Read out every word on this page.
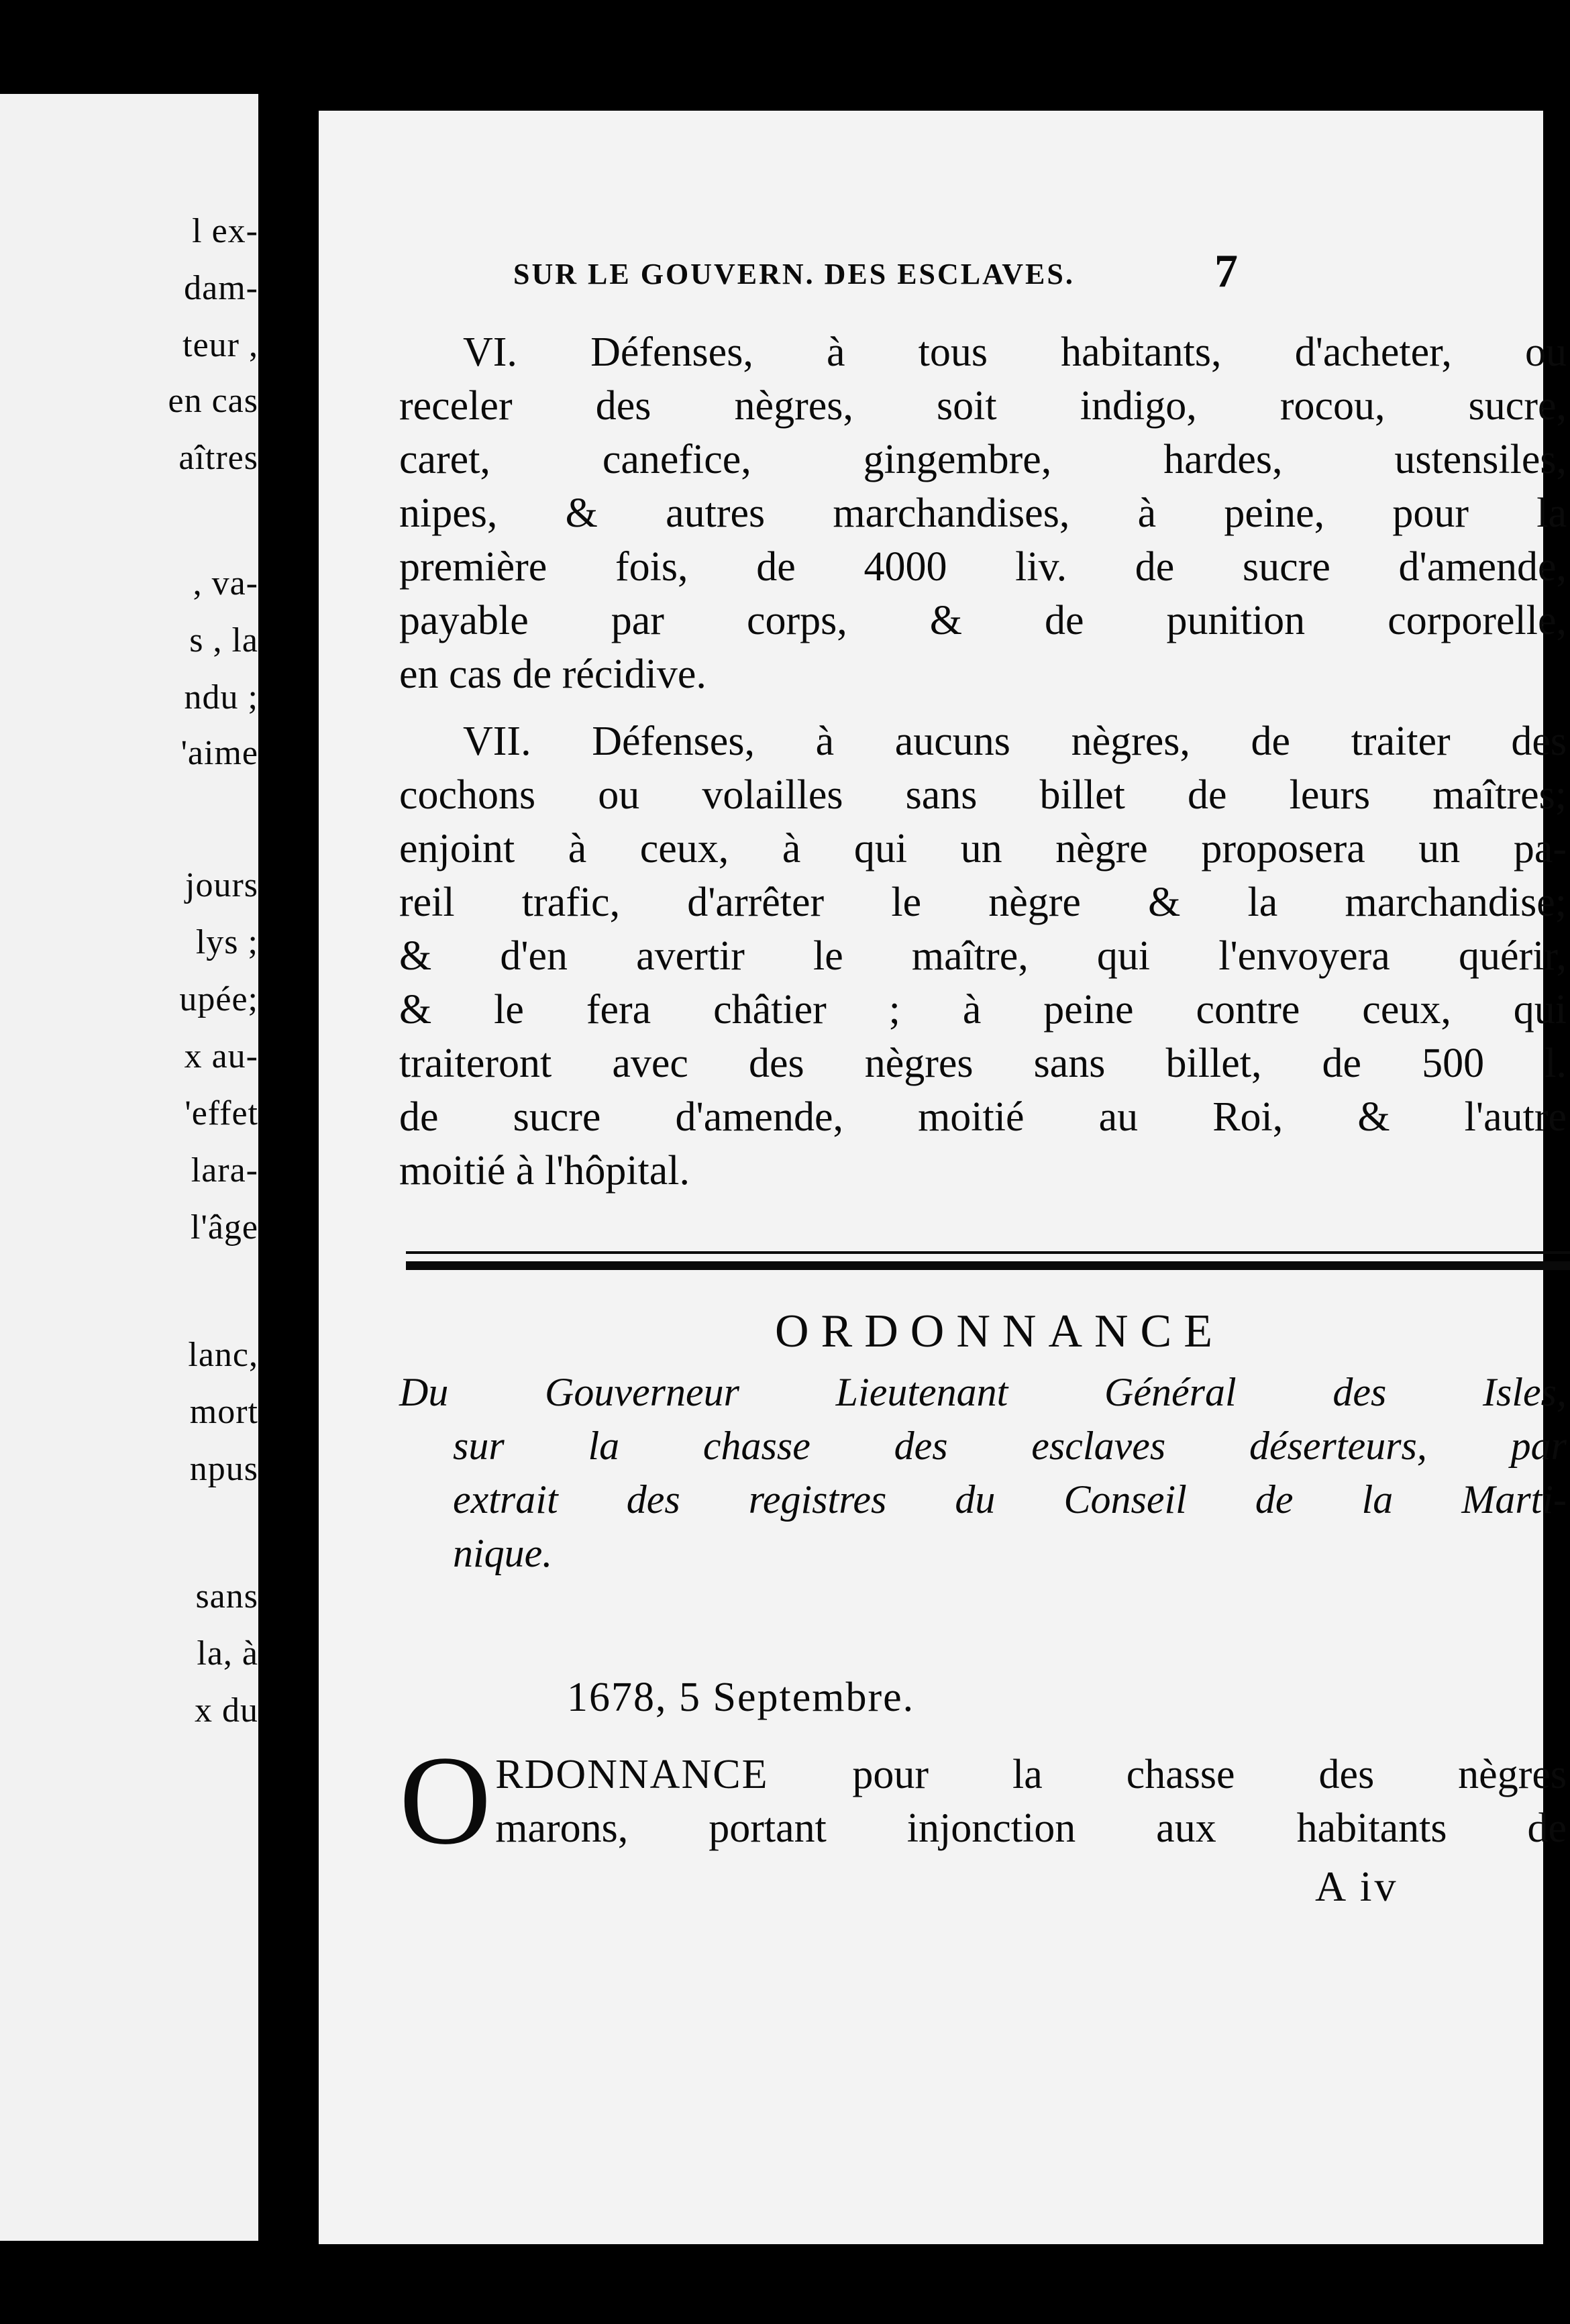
l ex-
dam-
teur ,
en cas
aîtres
, va-
s , la
ndu ;
'aime
jours
lys ;
upée;
x au-
'effet
lara-
l'âge
lanc,
mort
npus
sans
la, à
x du
SUR LE GOUVERN. DES ESCLAVES.	7
VI. Défenses, à tous habitants, d'acheter, ou
receler des nègres, soit indigo, rocou, sucre,
caret, canefice, gingembre, hardes, ustensiles,
nipes, & autres marchandises, à peine, pour la
première fois, de 4000 liv. de sucre d'amende,
payable par corps, & de punition corporelle,
en cas de récidive.
VII. Défenses, à aucuns nègres, de traiter des
cochons ou volailles sans billet de leurs maîtres;
enjoint à ceux, à qui un nègre proposera un pa-
reil trafic, d'arrêter le nègre & la marchandise;
& d'en avertir le maître, qui l'envoyera quérir,
& le fera châtier ; à peine contre ceux, qui
traiteront avec des nègres sans billet, de 500 l.
de sucre d'amende, moitié au Roi, & l'autre
moitié à l'hôpital.
ORDONNANCE
Du Gouverneur Lieutenant Général des Isles,
sur la chasse des esclaves déserteurs, par
extrait des registres du Conseil de la Marti-
nique.
1678, 5 Septembre.
O RDONNANCE pour la chasse des nègres
marons, portant injonction aux habitants de
A iv
